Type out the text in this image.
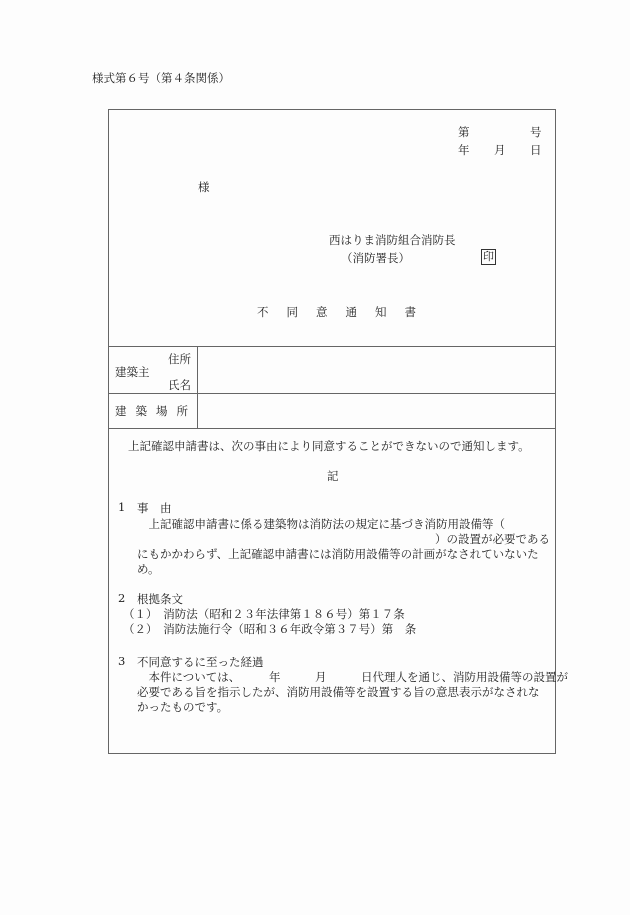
様式第６号（第４条関係）
第	号
年 月 日
様
西はりま消防組合消防長
（消防署長）	印
不 同 意 通 知 書
住所
建築主
氏名
建 築 場 所
上記確認申請書は、次の事由により同意することができないので通知します。
記
1 事　由
　上記確認申請書に係る建築物は消防法の規定に基づき消防用設備等（
）の設置が必要である
にもかかわらず、上記確認申請書には消防用設備等の計画がなされていないた
め。
2 根拠条文
（１）　消防法（昭和２３年法律第１８６号）第１７条
（２）　消防法施行令（昭和３６年政令第３７号）第　条
3 不同意するに至った経過
　本件については、　　　年　　　月　　　日代理人を通じ、消防用設備等の設置が
必要である旨を指示したが、消防用設備等を設置する旨の意思表示がなされな
かったものです。
